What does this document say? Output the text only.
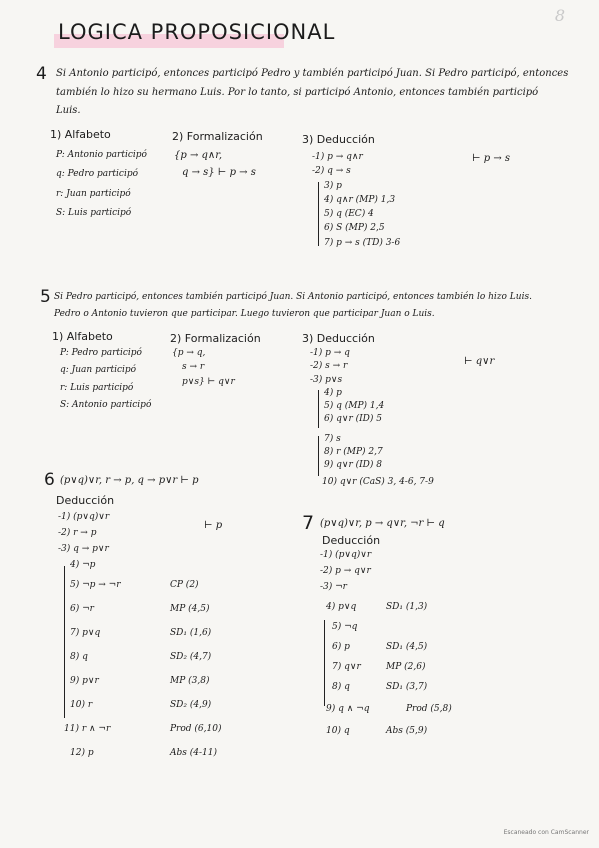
8
LOGICA PROPOSICIONAL
4 Si Antonio participó, entonces participó Pedro y también participó Juan. Si Pedro participó, entonces
también lo hizo su hermano Luis. Por lo tanto, si participó Antonio, entonces también participó
Luis.
1) Alfabeto
P: Antonio participó
q: Pedro participó
r: Juan participó
S: Luis participó
2) Formalización
{p → q∧r,
q → s} ⊢ p → s
3) Deducción
⊢ p → s
-1) p → q∧r
-2) q → s
3) p
4) q∧r (MP) 1,3
5) q (EC) 4
6) S (MP) 2,5
7) p → s (TD) 3-6
5 Si Pedro participó, entonces también participó Juan. Si Antonio participó, entonces también lo hizo Luis.
Pedro o Antonio tuvieron que participar. Luego tuvieron que participar Juan o Luis.
1) Alfabeto
P: Pedro participó
q: Juan participó
r: Luis participó
S: Antonio participó
2) Formalización
{p → q,
s → r
p∨s} ⊢ q∨r
3) Deducción
⊢ q∨r
-1) p → q
-2) s → r
-3) p∨s
4) p
5) q (MP) 1,4
6) q∨r (ID) 5
7) s
8) r (MP) 2,7
9) q∨r (ID) 8
10) q∨r (CaS) 3, 4-6, 7-9
6 (p∨q)∨r, r → p, q → p∨r ⊢ p
Deducción
⊢ p
-1) (p∨q)∨r
-2) r → p
-3) q → p∨r
4) ¬p
5) ¬p → ¬r	CP (2)
6) ¬r	MP (4,5)
7) p∨q	SD₁ (1,6)
8) q	SD₂ (4,7)
9) p∨r	MP (3,8)
10) r	SD₂ (4,9)
11) r ∧ ¬r	Prod (6,10)
12) p	Abs (4-11)
7 (p∨q)∨r, p → q∨r, ¬r ⊢ q
Deducción
-1) (p∨q)∨r
-2) p → q∨r
-3) ¬r
4) p∨q	SD₁ (1,3)
5) ¬q
6) p	SD₁ (4,5)
7) q∨r	MP (2,6)
8) q	SD₁ (3,7)
9) q ∧ ¬q	Prod (5,8)
10) q	Abs (5,9)
Escaneado con CamScanner
